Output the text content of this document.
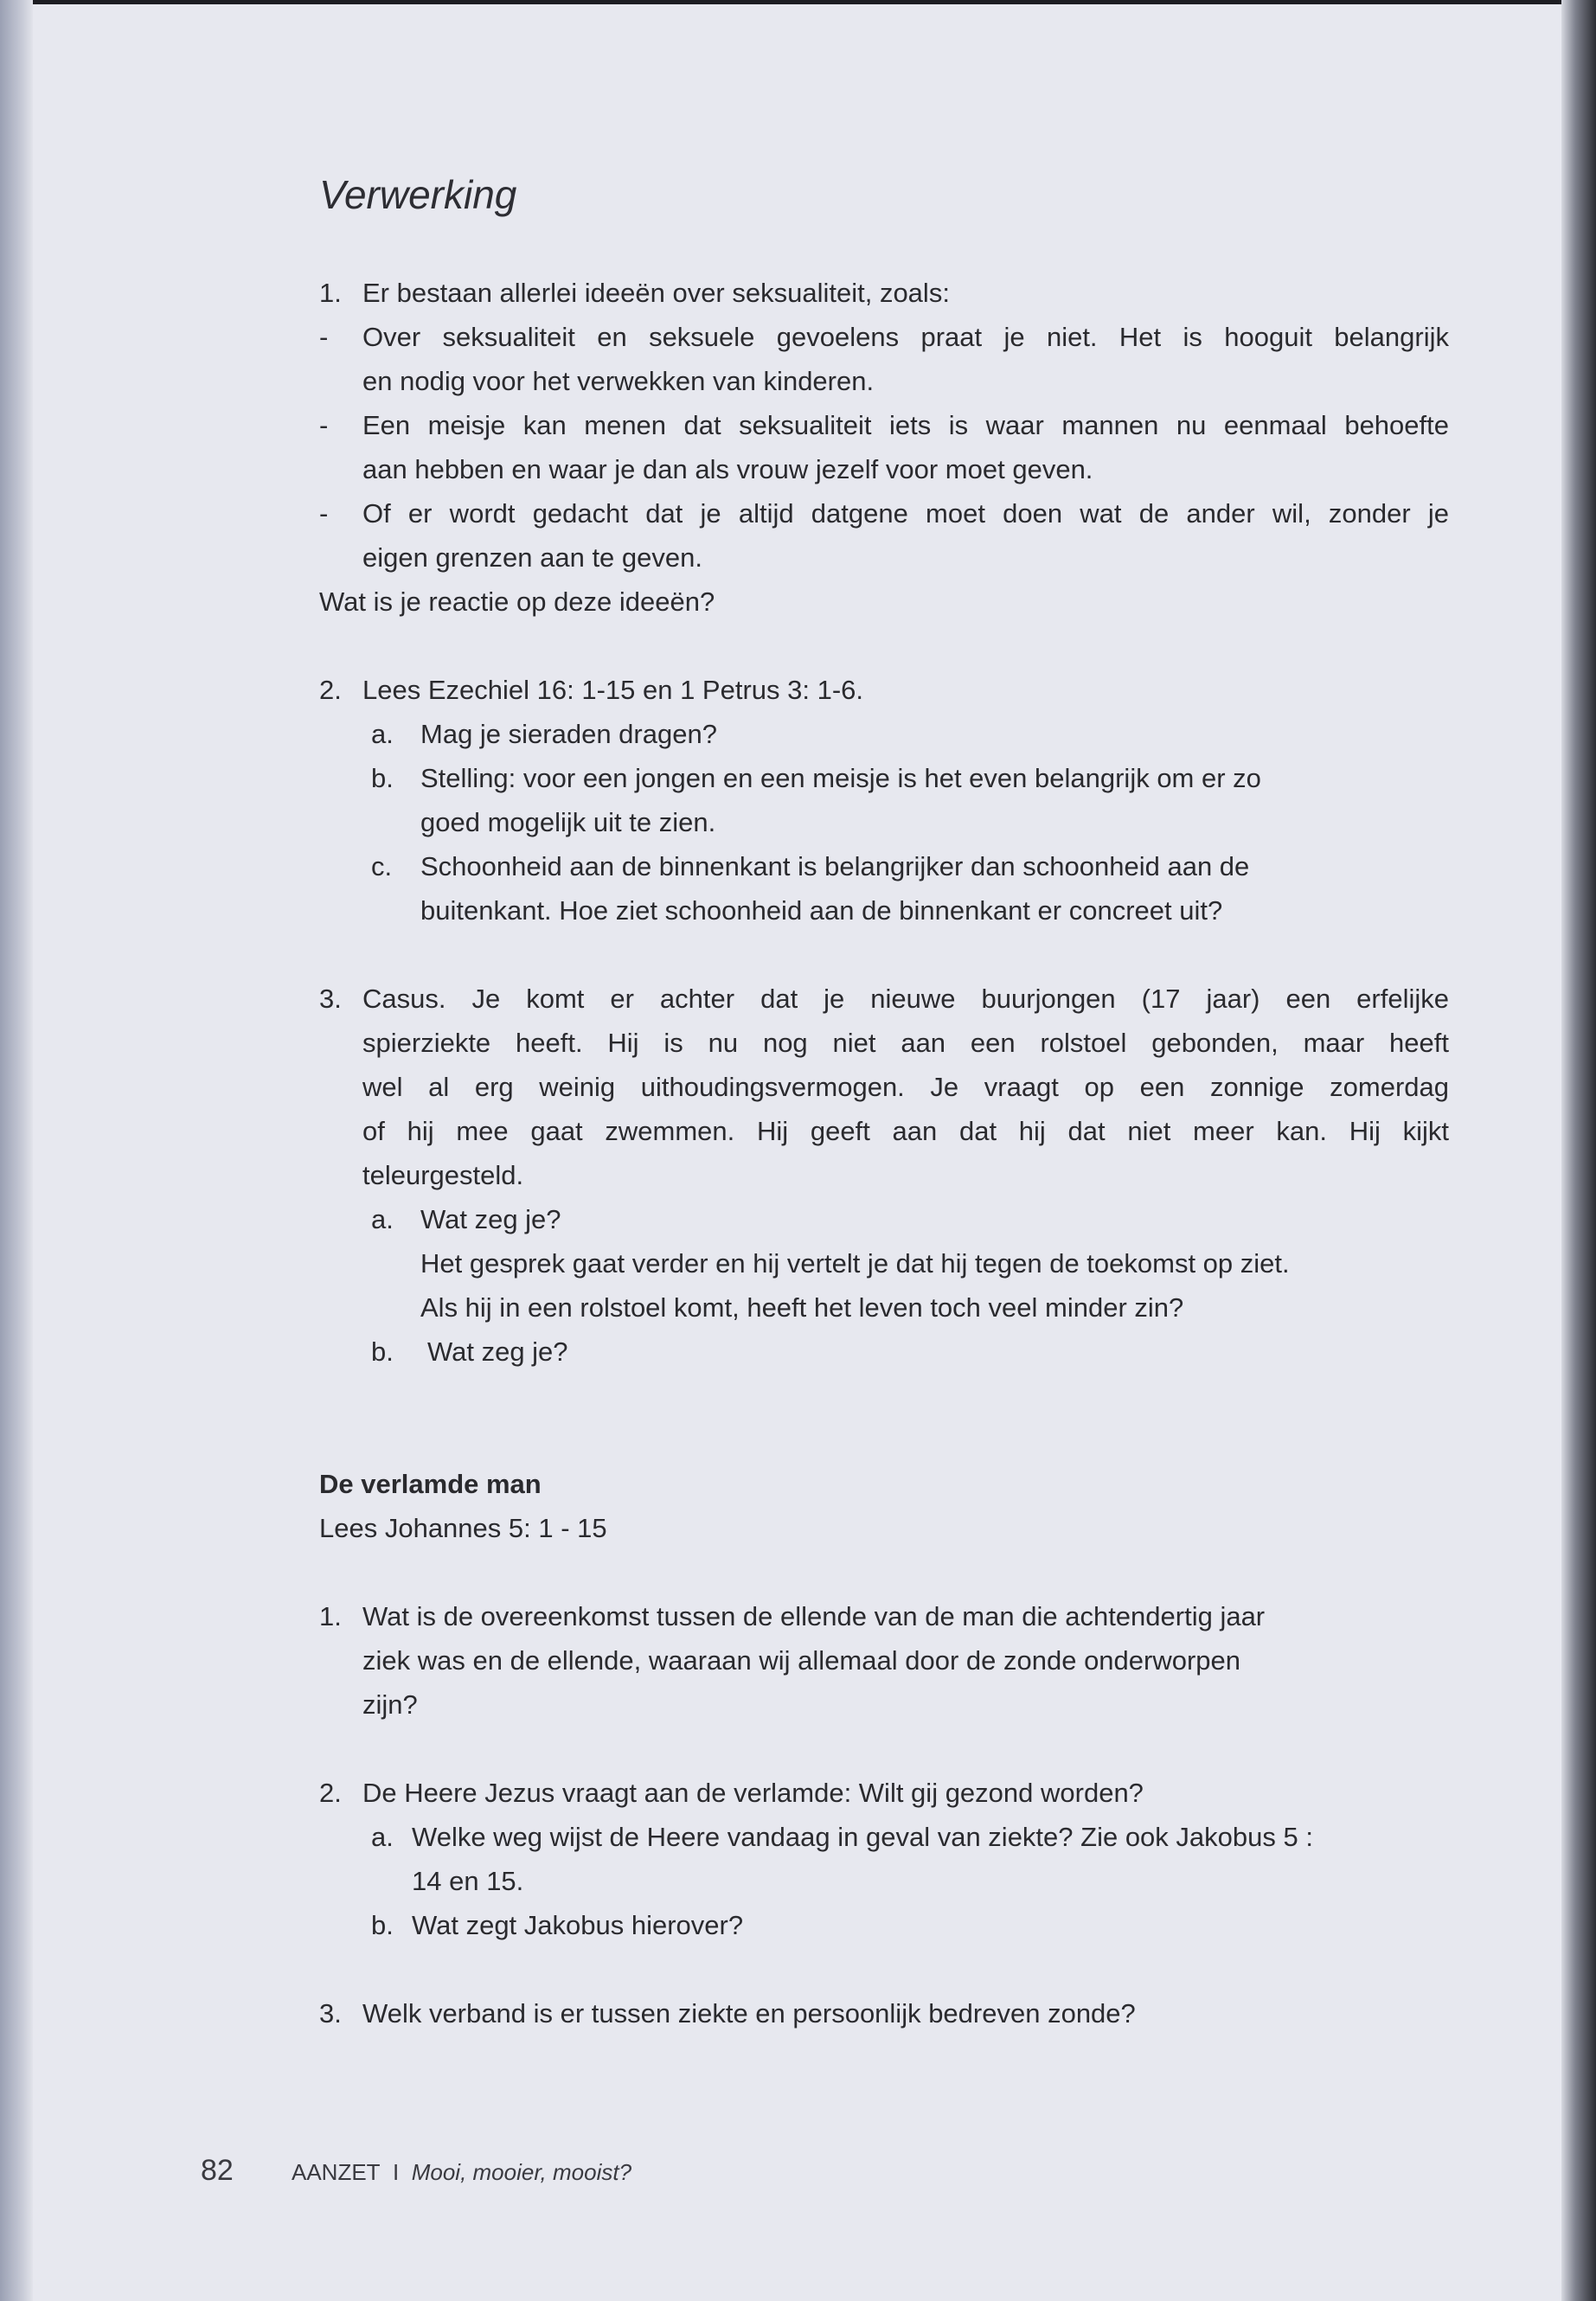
Verwerking
1. Er bestaan allerlei ideeën over seksualiteit, zoals:
- Over seksualiteit en seksuele gevoelens praat je niet. Het is hooguit belangrijk
en nodig voor het verwekken van kinderen.
- Een meisje kan menen dat seksualiteit iets is waar mannen nu eenmaal behoefte
aan hebben en waar je dan als vrouw jezelf voor moet geven.
- Of er wordt gedacht dat je altijd datgene moet doen wat de ander wil, zonder je
eigen grenzen aan te geven.
Wat is je reactie op deze ideeën?
2. Lees Ezechiel 16: 1-15 en 1 Petrus 3: 1-6.
a. Mag je sieraden dragen?
b. Stelling: voor een jongen en een meisje is het even belangrijk om er zo
goed mogelijk uit te zien.
c. Schoonheid aan de binnenkant is belangrijker dan schoonheid aan de
buitenkant. Hoe ziet schoonheid aan de binnenkant er concreet uit?
3. Casus. Je komt er achter dat je nieuwe buurjongen (17 jaar) een erfelijke
spierziekte heeft. Hij is nu nog niet aan een rolstoel gebonden, maar heeft
wel al erg weinig uithoudingsvermogen. Je vraagt op een zonnige zomerdag
of hij mee gaat zwemmen. Hij geeft aan dat hij dat niet meer kan. Hij kijkt
teleurgesteld.
a. Wat zeg je?
Het gesprek gaat verder en hij vertelt je dat hij tegen de toekomst op ziet.
Als hij in een rolstoel komt, heeft het leven toch veel minder zin?
b. Wat zeg je?
De verlamde man
Lees Johannes 5: 1 - 15
1. Wat is de overeenkomst tussen de ellende van de man die achtendertig jaar
ziek was en de ellende, waaraan wij allemaal door de zonde onderworpen
zijn?
2. De Heere Jezus vraagt aan de verlamde: Wilt gij gezond worden?
a. Welke weg wijst de Heere vandaag in geval van ziekte? Zie ook Jakobus 5 :
14 en 15.
b. Wat zegt Jakobus hierover?
3. Welk verband is er tussen ziekte en persoonlijk bedreven zonde?
82	AANZET I Mooi, mooier, mooist?
